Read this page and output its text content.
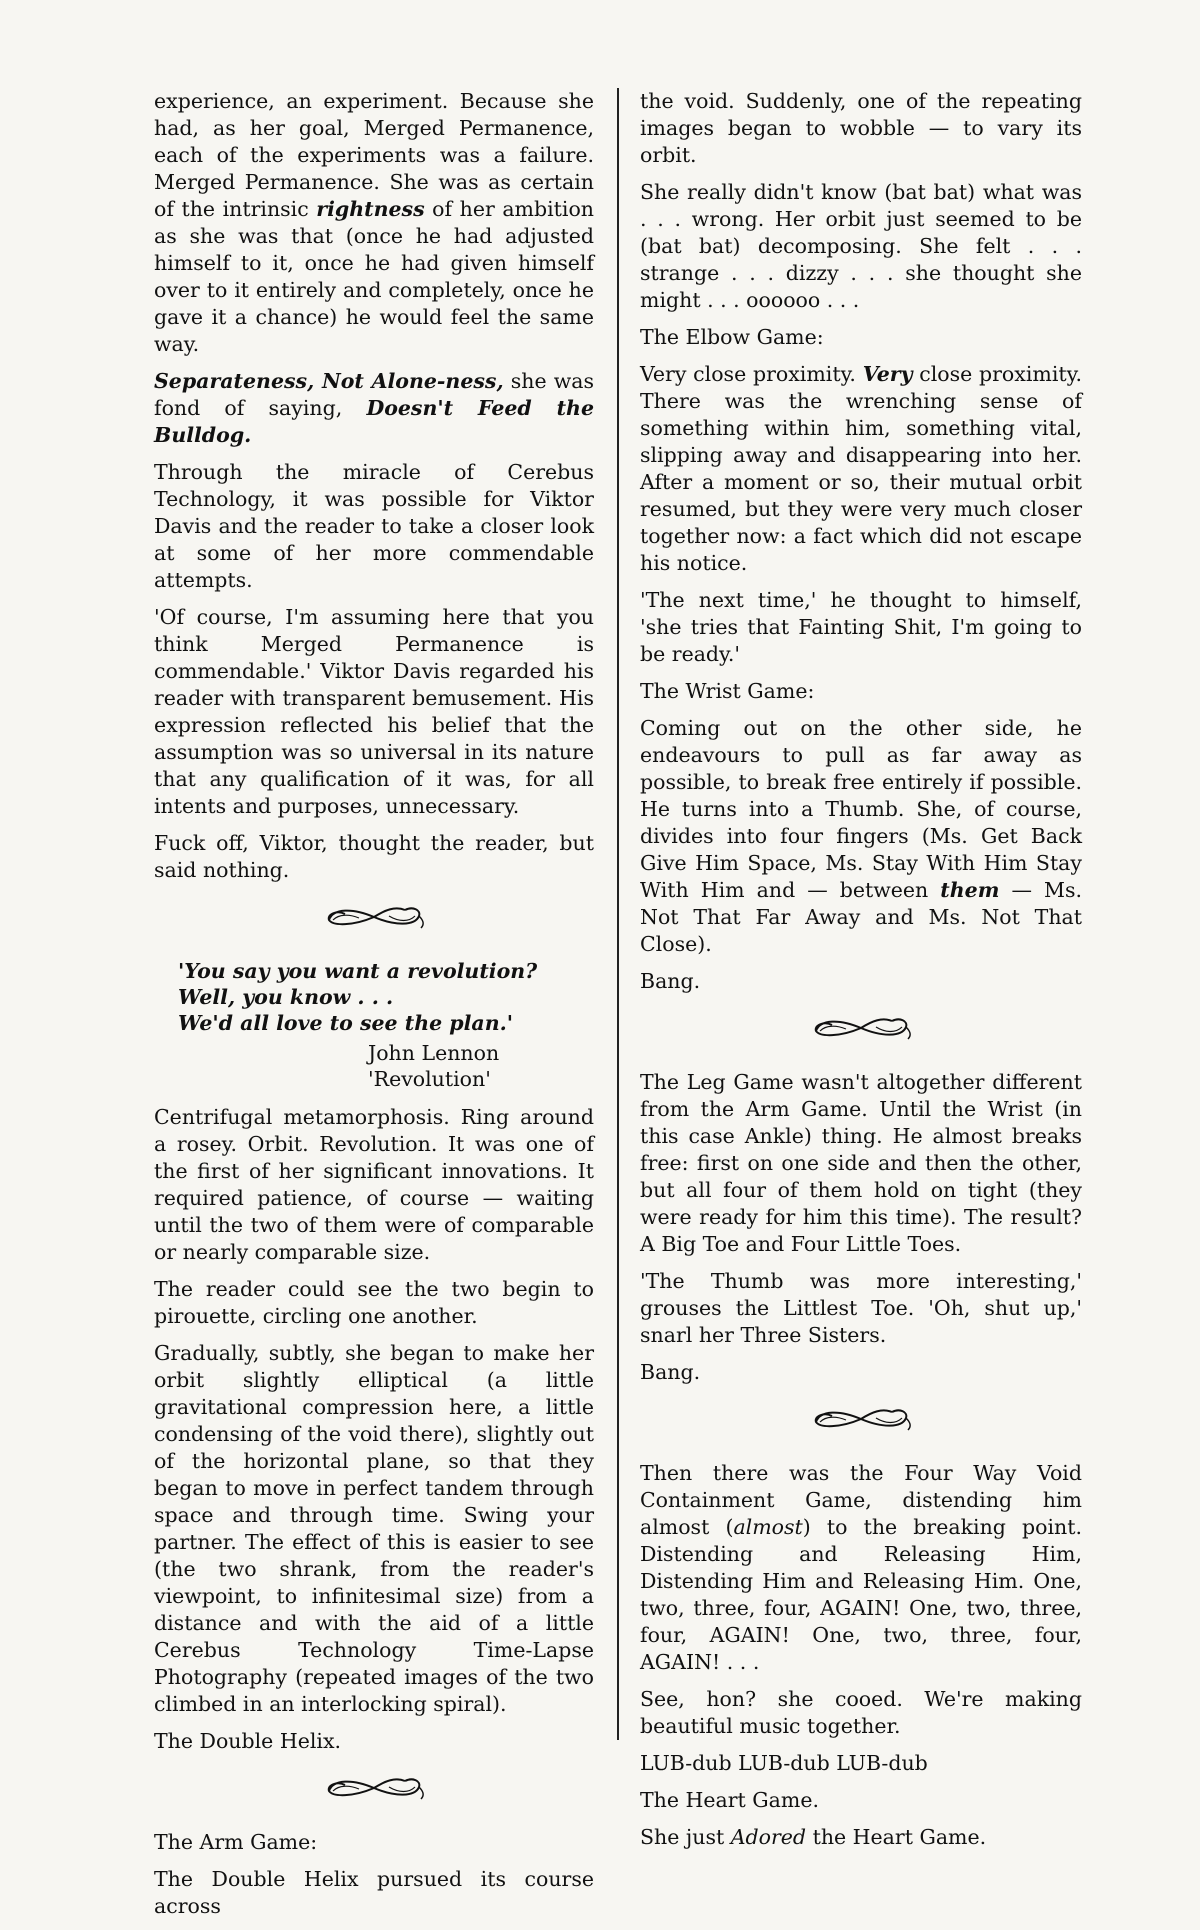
experience, an experiment. Because she had, as her goal, Merged Permanence, each of the experiments was a failure. Merged Permanence. She was as certain of the intrinsic rightness of her ambition as she was that (once he had adjusted himself to it, once he had given himself over to it entirely and completely, once he gave it a chance) he would feel the same way.

Separateness, Not Alone-ness, she was fond of saying, Doesn't Feed the Bulldog.

Through the miracle of Cerebus Technology, it was possible for Viktor Davis and the reader to take a closer look at some of her more commendable attempts.

'Of course, I'm assuming here that you think Merged Permanence is commendable.' Viktor Davis regarded his reader with transparent bemusement. His expression reflected his belief that the assumption was so universal in its nature that any qualification of it was, for all intents and purposes, unnecessary.

Fuck off, Viktor, thought the reader, but said nothing.

'You say you want a revolution?
Well, you know . . .
We'd all love to see the plan.'
John Lennon
'Revolution'

Centrifugal metamorphosis. Ring around a rosey. Orbit. Revolution. It was one of the first of her significant innovations. It required patience, of course — waiting until the two of them were of comparable or nearly comparable size.

The reader could see the two begin to pirouette, circling one another.

Gradually, subtly, she began to make her orbit slightly elliptical (a little gravitational compression here, a little condensing of the void there), slightly out of the horizontal plane, so that they began to move in perfect tandem through space and through time. Swing your partner. The effect of this is easier to see (the two shrank, from the reader's viewpoint, to infinitesimal size) from a distance and with the aid of a little Cerebus Technology Time-Lapse Photography (repeated images of the two climbed in an interlocking spiral).

The Double Helix.

The Arm Game:

The Double Helix pursued its course across

the void. Suddenly, one of the repeating images began to wobble — to vary its orbit.

She really didn't know (bat bat) what was . . . wrong. Her orbit just seemed to be (bat bat) decomposing. She felt . . . strange . . . dizzy . . . she thought she might . . . oooooo . . .

The Elbow Game:

Very close proximity. Very close proximity. There was the wrenching sense of something within him, something vital, slipping away and disappearing into her. After a moment or so, their mutual orbit resumed, but they were very much closer together now: a fact which did not escape his notice.

'The next time,' he thought to himself, 'she tries that Fainting Shit, I'm going to be ready.'

The Wrist Game:

Coming out on the other side, he endeavours to pull as far away as possible, to break free entirely if possible. He turns into a Thumb. She, of course, divides into four fingers (Ms. Get Back Give Him Space, Ms. Stay With Him Stay With Him and — between them — Ms. Not That Far Away and Ms. Not That Close).

Bang.

The Leg Game wasn't altogether different from the Arm Game. Until the Wrist (in this case Ankle) thing. He almost breaks free: first on one side and then the other, but all four of them hold on tight (they were ready for him this time). The result? A Big Toe and Four Little Toes.

'The Thumb was more interesting,' grouses the Littlest Toe. 'Oh, shut up,' snarl her Three Sisters.

Bang.

Then there was the Four Way Void Containment Game, distending him almost (almost) to the breaking point. Distending and Releasing Him, Distending Him and Releasing Him. One, two, three, four, AGAIN! One, two, three, four, AGAIN! One, two, three, four, AGAIN! . . .

See, hon? she cooed. We're making beautiful music together.

LUB-dub LUB-dub LUB-dub

The Heart Game.

She just Adored the Heart Game.
